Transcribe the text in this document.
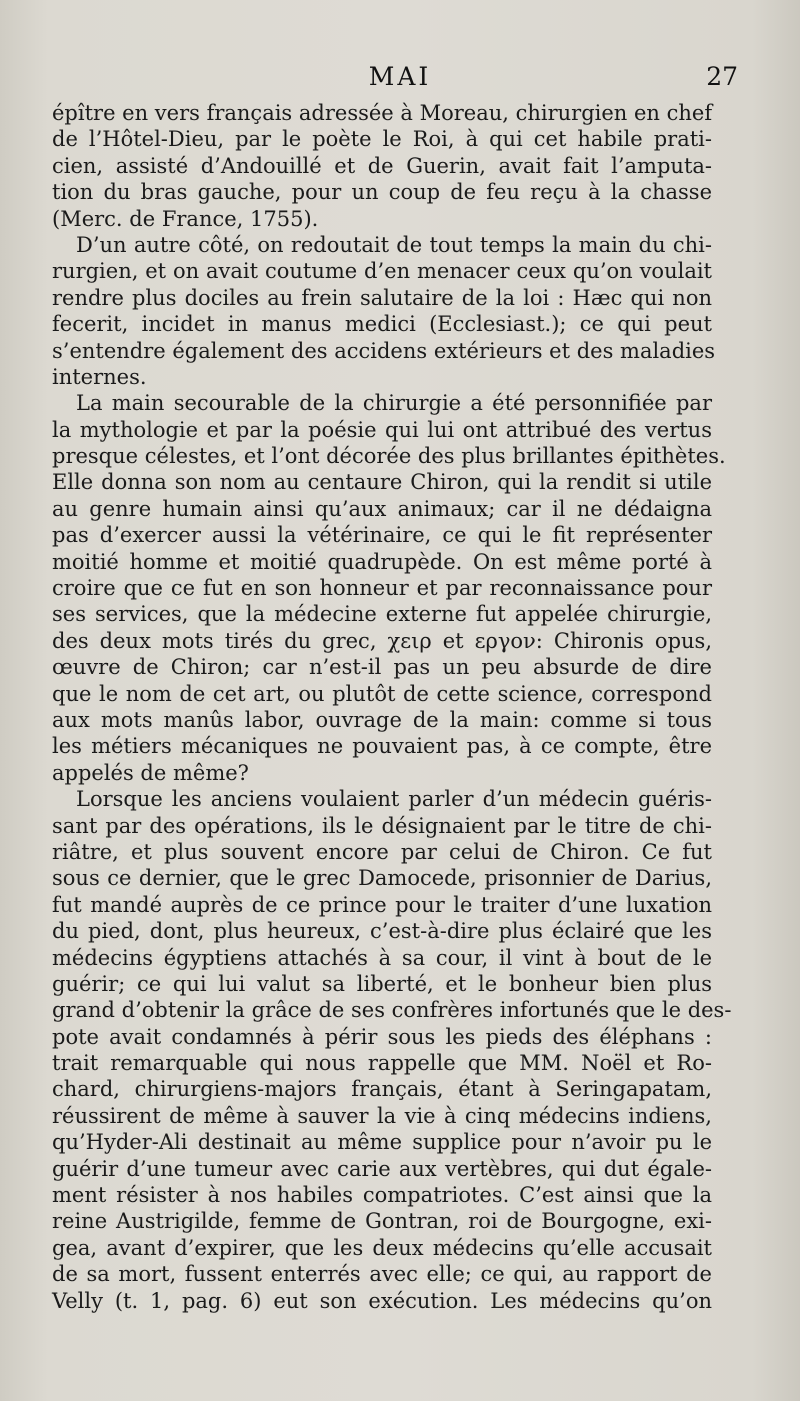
MAI	27
épître en vers français adressée à Moreau, chirurgien en chef
de l’Hôtel-Dieu, par le poète le Roi, à qui cet habile prati-
cien, assisté d’Andouillé et de Guerin, avait fait l’amputa-
tion du bras gauche, pour un coup de feu reçu à la chasse
(Merc. de France, 1755).
D’un autre côté, on redoutait de tout temps la main du chi-
rurgien, et on avait coutume d’en menacer ceux qu’on voulait
rendre plus dociles au frein salutaire de la loi : Hæc qui non
fecerit, incidet in manus medici (Ecclesiast.); ce qui peut
s’entendre également des accidens extérieurs et des maladies
internes.
La main secourable de la chirurgie a été personnifiée par
la mythologie et par la poésie qui lui ont attribué des vertus
presque célestes, et l’ont décorée des plus brillantes épithètes.
Elle donna son nom au centaure Chiron, qui la rendit si utile
au genre humain ainsi qu’aux animaux; car il ne dédaigna
pas d’exercer aussi la vétérinaire, ce qui le fit représenter
moitié homme et moitié quadrupède. On est même porté à
croire que ce fut en son honneur et par reconnaissance pour
ses services, que la médecine externe fut appelée chirurgie,
des deux mots tirés du grec, χειρ et εργον: Chironis opus,
œuvre de Chiron; car n’est-il pas un peu absurde de dire
que le nom de cet art, ou plutôt de cette science, correspond
aux mots manûs labor, ouvrage de la main: comme si tous
les métiers mécaniques ne pouvaient pas, à ce compte, être
appelés de même?
Lorsque les anciens voulaient parler d’un médecin guéris-
sant par des opérations, ils le désignaient par le titre de chi-
riâtre, et plus souvent encore par celui de Chiron. Ce fut
sous ce dernier, que le grec Damocede, prisonnier de Darius,
fut mandé auprès de ce prince pour le traiter d’une luxation
du pied, dont, plus heureux, c’est-à-dire plus éclairé que les
médecins égyptiens attachés à sa cour, il vint à bout de le
guérir; ce qui lui valut sa liberté, et le bonheur bien plus
grand d’obtenir la grâce de ses confrères infortunés que le des-
pote avait condamnés à périr sous les pieds des éléphans :
trait remarquable qui nous rappelle que MM. Noël et Ro-
chard, chirurgiens-majors français, étant à Seringapatam,
réussirent de même à sauver la vie à cinq médecins indiens,
qu’Hyder-Ali destinait au même supplice pour n’avoir pu le
guérir d’une tumeur avec carie aux vertèbres, qui dut égale-
ment résister à nos habiles compatriotes. C’est ainsi que la
reine Austrigilde, femme de Gontran, roi de Bourgogne, exi-
gea, avant d’expirer, que les deux médecins qu’elle accusait
de sa mort, fussent enterrés avec elle; ce qui, au rapport de
Velly (t. 1, pag. 6) eut son exécution. Les médecins qu’on
